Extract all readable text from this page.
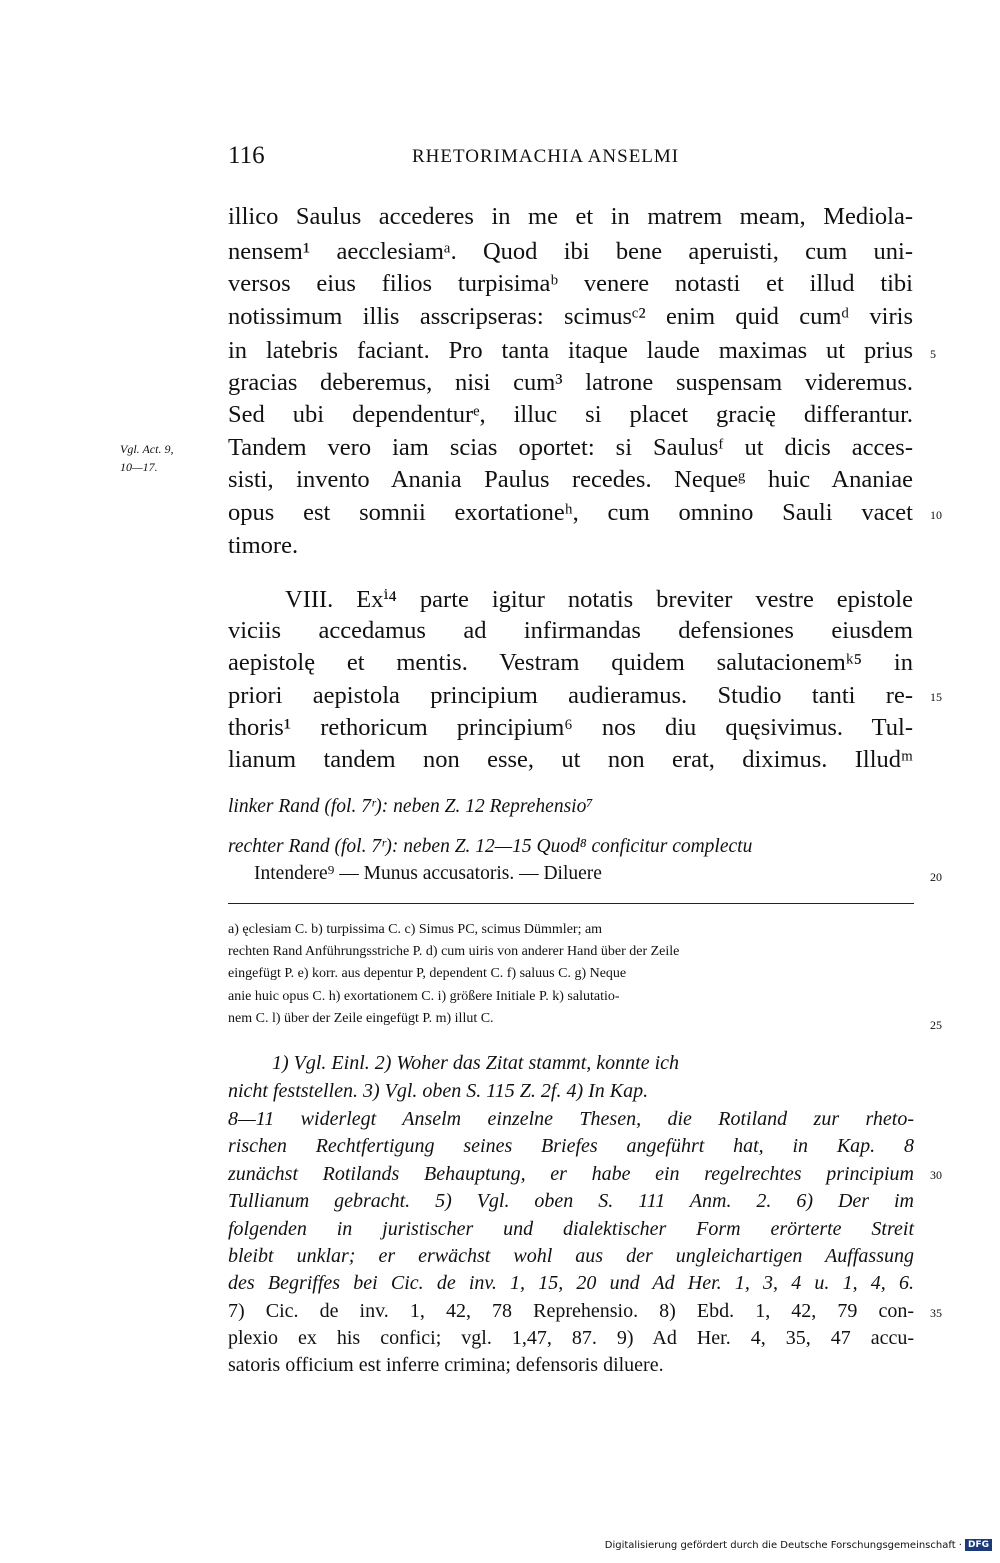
116	RHETORIMACHIA ANSELMI
illico Saulus accederes in me et in matrem meam, Mediola-
nensem¹ aecclesiamᵃ. Quod ibi bene aperuisti, cum uni-
versos eius filios turpisimaᵇ venere notasti et illud tibi
notissimum illis asscripseras: scimusᶜ² enim quid cumᵈ viris
in latebris faciant. Pro tanta itaque laude maximas ut prius
gracias deberemus, nisi cum³ latrone suspensam videremus.
Sed ubi dependenturᵉ, illuc si placet gracię differantur.
Tandem vero iam scias oportet: si Saulusᶠ ut dicis acces-
sisti, invento Anania Paulus recedes. Nequeᵍ huic Ananiae
opus est somnii exortationeʰ, cum omnino Sauli vacet
timore.
VIII. Exⁱ⁴ parte igitur notatis breviter vestre epistole
viciis accedamus ad infirmandas defensiones eiusdem
aepistolę et mentis. Vestram quidem salutacionemᵏ⁵ in
priori aepistola principium audieramus. Studio tanti re-
thoris¹ rethoricum principium⁶ nos diu quęsivimus. Tul-
lianum tandem non esse, ut non erat, diximus. Illudᵐ
Vgl. Act. 9,
10—17.
5
10
15
20
25
30
35
linker Rand (fol. 7ʳ): neben Z. 12 Reprehensio⁷
rechter Rand (fol. 7ʳ): neben Z. 12—15 Quod⁸ conficitur complectu
Intendere⁹ — Munus accusatoris. — Diluere
a) ęclesiam C. b) turpissima C. c) Simus PC, scimus Dümmler; am
rechten Rand Anführungsstriche P. d) cum uiris von anderer Hand über der Zeile
eingefügt P. e) korr. aus depentur P, dependent C. f) saluus C. g) Neque
anie huic opus C. h) exortationem C. i) größere Initiale P. k) salutatio-
nem C. l) über der Zeile eingefügt P. m) illut C.
1) Vgl. Einl. 2) Woher das Zitat stammt, konnte ich
nicht feststellen. 3) Vgl. oben S. 115 Z. 2f. 4) In Kap.
8—11 widerlegt Anselm einzelne Thesen, die Rotiland zur rheto-
rischen Rechtfertigung seines Briefes angeführt hat, in Kap. 8
zunächst Rotilands Behauptung, er habe ein regelrechtes principium
Tullianum gebracht. 5) Vgl. oben S. 111 Anm. 2. 6) Der im
folgenden in juristischer und dialektischer Form erörterte Streit
bleibt unklar; er erwächst wohl aus der ungleichartigen Auffassung
des Begriffes bei Cic. de inv. 1, 15, 20 und Ad Her. 1, 3, 4 u. 1, 4, 6.
7) Cic. de inv. 1, 42, 78 Reprehensio. 8) Ebd. 1, 42, 79 con-
plexio ex his confici; vgl. 1,47, 87. 9) Ad Her. 4, 35, 47 accu-
satoris officium est inferre crimina; defensoris diluere.
Digitalisierung gefördert durch die Deutsche Forschungsgemeinschaft · DFG
